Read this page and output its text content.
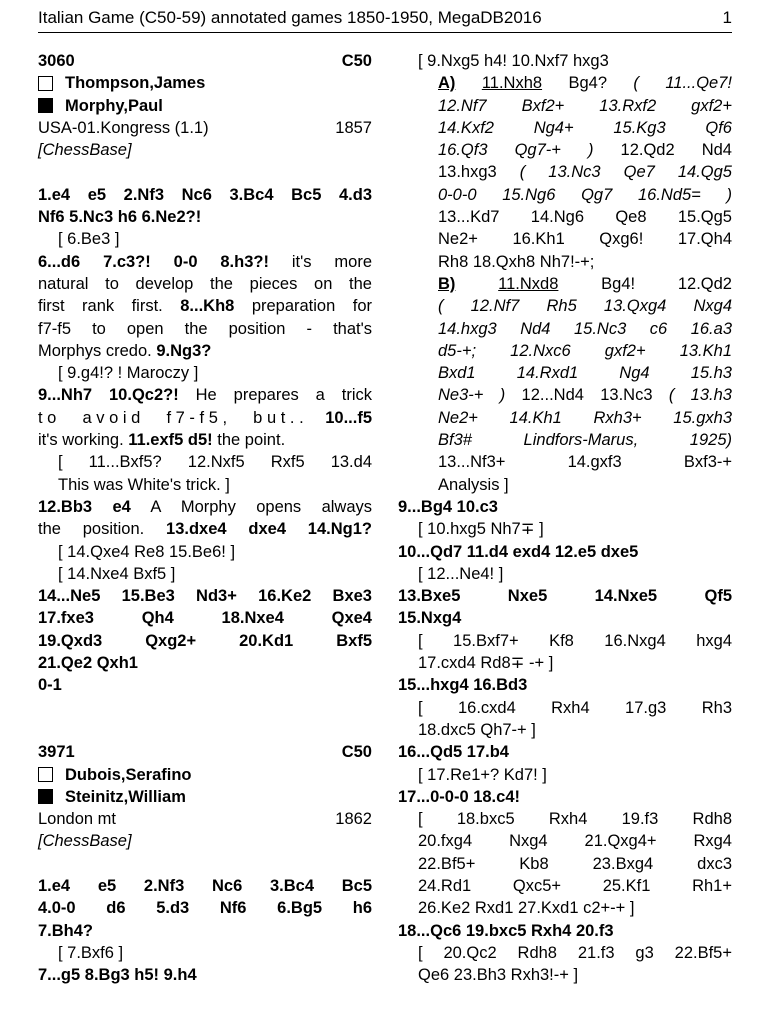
Italian Game (C50-59) annotated games 1850-1950, MegaDB2016	1
3060	C50
Thompson,James
Morphy,Paul
USA-01.Kongress (1.1)	1857

[ChessBase]

1.e4 e5 2.Nf3 Nc6 3.Bc4 Bc5 4.d3

Nf6 5.Nc3 h6 6.Ne2?!

[ 6.Be3 ]

6...d6 7.c3?! 0-0 8.h3?! it's more

natural to develop the pieces on the

first rank first. 8...Kh8 preparation for

f7-f5 to open the position - that's

Morphys credo. 9.Ng3?

[ 9.g4!? ! Maroczy ]

9...Nh7 10.Qc2?! He prepares a trick

to avoid f7-f5, but.. 10...f5

it's working. 11.exf5 d5! the point.

[ 11...Bxf5? 12.Nxf5 Rxf5 13.d4

This was White's trick. ]

12.Bb3 e4 A Morphy opens always

the position. 13.dxe4 dxe4 14.Ng1?

[ 14.Qxe4 Re8 15.Be6! ]

[ 14.Nxe4 Bxf5 ]

14...Ne5 15.Be3 Nd3+ 16.Ke2 Bxe3

17.fxe3 Qh4 18.Nxe4 Qxe4

19.Qxd3 Qxg2+ 20.Kd1 Bxf5

21.Qe2 Qxh1

0-1

3971	C50
Dubois,Serafino
Steinitz,William
London mt	1862

[ChessBase]

1.e4 e5 2.Nf3 Nc6 3.Bc4 Bc5

4.0-0 d6 5.d3 Nf6 6.Bg5 h6

7.Bh4?

[ 7.Bxf6 ]

7...g5 8.Bg3 h5! 9.h4

[ 9.Nxg5 h4! 10.Nxf7 hxg3

A) 11.Nxh8 Bg4? ( 11...Qe7!

12.Nf7 Bxf2+ 13.Rxf2 gxf2+

14.Kxf2 Ng4+ 15.Kg3 Qf6

16.Qf3 Qg7-+ ) 12.Qd2 Nd4

13.hxg3 ( 13.Nc3 Qe7 14.Qg5

0-0-0 15.Ng6 Qg7 16.Nd5= )

13...Kd7 14.Ng6 Qe8 15.Qg5

Ne2+ 16.Kh1 Qxg6! 17.Qh4

Rh8 18.Qxh8 Nh7!-+;

B)	11.Nxd8	Bg4!	12.Qd2

( 12.Nf7 Rh5 13.Qxg4 Nxg4

14.hxg3 Nd4 15.Nc3 c6 16.a3

d5-+; 12.Nxc6 gxf2+ 13.Kh1

Bxd1 14.Rxd1 Ng4 15.h3

Ne3-+ ) 12...Nd4 13.Nc3 ( 13.h3

Ne2+ 14.Kh1 Rxh3+ 15.gxh3

Bf3# Lindfors-Marus, 1925)

13...Nf3+ 14.gxf3 Bxf3-+

Analysis ]

9...Bg4 10.c3

[ 10.hxg5 Nh7∓ ]

10...Qd7 11.d4 exd4 12.e5 dxe5

[ 12...Ne4! ]

13.Bxe5 Nxe5 14.Nxe5 Qf5

15.Nxg4

[ 15.Bxf7+ Kf8 16.Nxg4 hxg4

17.cxd4 Rd8∓ -+ ]

15...hxg4 16.Bd3

[ 16.cxd4 Rxh4 17.g3 Rh3

18.dxc5 Qh7-+ ]

16...Qd5 17.b4

[ 17.Re1+? Kd7! ]

17...0-0-0 18.c4!

[ 18.bxc5 Rxh4 19.f3 Rdh8

20.fxg4 Nxg4 21.Qxg4+ Rxg4

22.Bf5+ Kb8 23.Bxg4 dxc3

24.Rd1 Qxc5+ 25.Kf1 Rh1+

26.Ke2 Rxd1 27.Kxd1 c2+-+ ]

18...Qc6 19.bxc5 Rxh4 20.f3

[ 20.Qc2 Rdh8 21.f3 g3 22.Bf5+

Qe6 23.Bh3 Rxh3!-+ ]
